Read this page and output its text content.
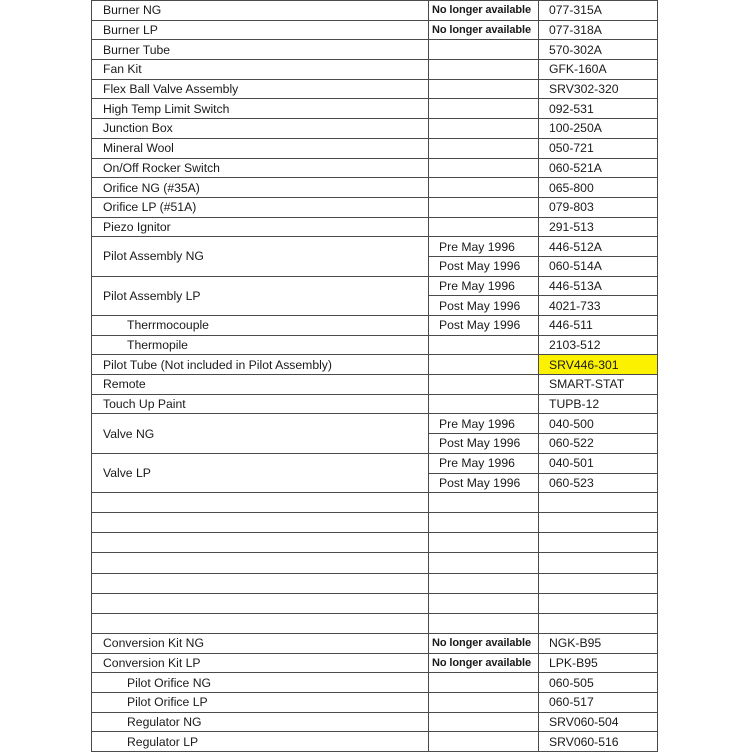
Burner NG	No longer available	077-315A
Burner LP	No longer available	077-318A
Burner Tube		570-302A
Fan Kit		GFK-160A
Flex Ball Valve Assembly		SRV302-320
High Temp Limit Switch		092-531
Junction Box		100-250A
Mineral Wool		050-721
On/Off Rocker Switch		060-521A
Orifice NG (#35A)		065-800
Orifice LP (#51A)		079-803
Piezo Ignitor		291-513
Pilot Assembly NG	Pre May 1996	446-512A
	Post May 1996	060-514A
Pilot Assembly LP	Pre May 1996	446-513A
	Post May 1996	4021-733
Therrmocouple	Post May 1996	446-511
Thermopile		2103-512
Pilot Tube (Not included in Pilot Assembly)		SRV446-301
Remote		SMART-STAT
Touch Up Paint		TUPB-12
Valve NG	Pre May 1996	040-500
	Post May 1996	060-522
Valve LP	Pre May 1996	040-501
	Post May 1996	060-523

Conversion Kit NG	No longer available	NGK-B95
Conversion Kit LP	No longer available	LPK-B95
Pilot Orifice NG		060-505
Pilot Orifice LP		060-517
Regulator NG		SRV060-504
Regulator LP		SRV060-516
